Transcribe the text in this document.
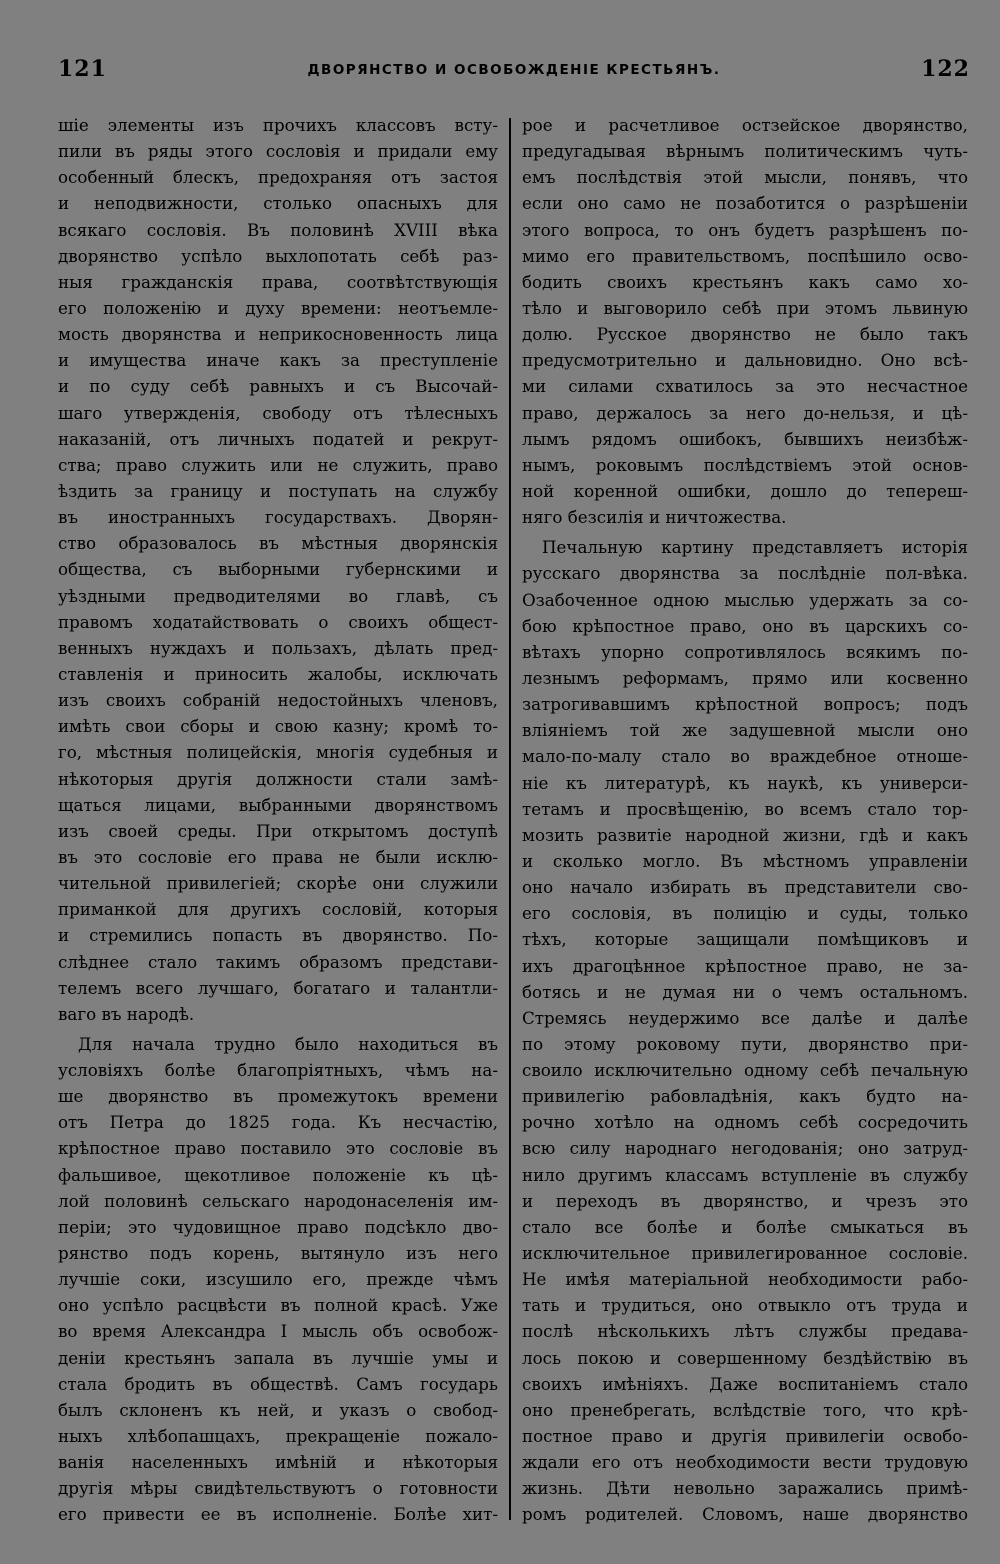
121	ДВОРЯНСТВО И ОСВОБОЖДЕНІЕ КРЕСТЬЯНЪ.	122
шіе элементы изъ прочихъ классовъ всту-
пили въ ряды этого сословія и придали ему
особенный блескъ, предохраняя отъ застоя
и неподвижности, столько опасныхъ для
всякаго сословія. Въ половинѣ XVIII вѣка
дворянство успѣло выхлопотать себѣ раз-
ныя гражданскія права, соотвѣтствующія
его положенію и духу времени: неотъемле-
мость дворянства и неприкосновенность лица
и имущества иначе какъ за преступленіе
и по суду себѣ равныхъ и съ Высочай-
шаго утвержденія, свободу отъ тѣлесныхъ
наказаній, отъ личныхъ податей и рекрут-
ства; право служить или не служить, право
ѣздить за границу и поступать на службу
въ иностранныхъ государствахъ. Дворян-
ство образовалось въ мѣстныя дворянскія
общества, съ выборными губернскими и
уѣздными предводителями во главѣ, съ
правомъ ходатайствовать о своихъ общест-
венныхъ нуждахъ и пользахъ, дѣлать пред-
ставленія и приносить жалобы, исключать
изъ своихъ собраній недостойныхъ членовъ,
имѣть свои сборы и свою казну; кромѣ то-
го, мѣстныя полицейскія, многія судебныя и
нѣкоторыя другія должности стали замѣ-
щаться лицами, выбранными дворянствомъ
изъ своей среды. При открытомъ доступѣ
въ это сословіе его права не были исклю-
чительной привилегіей; скорѣе они служили
приманкой для другихъ сословій, которыя
и стремились попасть въ дворянство. По-
слѣднее стало такимъ образомъ представи-
телемъ всего лучшаго, богатаго и талантли-
ваго въ народѣ.
Для начала трудно было находиться въ
условіяхъ болѣе благопріятныхъ, чѣмъ на-
ше дворянство въ промежутокъ времени
отъ Петра до 1825 года. Къ несчастію,
крѣпостное право поставило это сословіе въ
фальшивое, щекотливое положеніе къ цѣ-
лой половинѣ сельскаго народонаселенія им-
періи; это чудовищное право подсѣкло дво-
рянство подъ корень, вытянуло изъ него
лучшіе соки, изсушило его, прежде чѣмъ
оно успѣло расцвѣсти въ полной красѣ. Уже
во время Александра I мысль объ освобож-
деніи крестьянъ запала въ лучшіе умы и
стала бродить въ обществѣ. Самъ государь
былъ склоненъ къ ней, и указъ о свобод-
ныхъ хлѣбопашцахъ, прекращеніе пожало-
ванія населенныхъ имѣній и нѣкоторыя
другія мѣры свидѣтельствуютъ о готовности
его привести ее въ исполненіе. Болѣе хит-
рое и расчетливое остзейское дворянство,
предугадывая вѣрнымъ политическимъ чуть-
емъ послѣдствія этой мысли, понявъ, что
если оно само не позаботится о разрѣшеніи
этого вопроса, то онъ будетъ разрѣшенъ по-
мимо его правительствомъ, поспѣшило осво-
бодить своихъ крестьянъ какъ само хо-
тѣло и выговорило себѣ при этомъ львиную
долю. Русское дворянство не было такъ
предусмотрительно и дальновидно. Оно всѣ-
ми силами схватилось за это несчастное
право, держалось за него до-нельзя, и цѣ-
лымъ рядомъ ошибокъ, бывшихъ неизбѣж-
нымъ, роковымъ послѣдствіемъ этой основ-
ной коренной ошибки, дошло до теперeш-
няго безсилія и ничтожества.
Печальную картину представляетъ исторія
русскаго дворянства за послѣдніе пол-вѣка.
Озабоченное одною мыслью удержать за со-
бою крѣпостное право, оно въ царскихъ со-
вѣтахъ упорно сопротивлялось всякимъ по-
лезнымъ реформамъ, прямо или косвенно
затрогивавшимъ крѣпостной вопросъ; подъ
вліяніемъ той же задушевной мысли оно
мало-по-малу стало во враждебное отноше-
ніе къ литературѣ, къ наукѣ, къ универси-
тетамъ и просвѣщенію, во всемъ стало тор-
мозить развитіе народной жизни, гдѣ и какъ
и сколько могло. Въ мѣстномъ управленіи
оно начало избирать въ представители сво-
его сословія, въ полицію и суды, только
тѣхъ, которые защищали помѣщиковъ и
ихъ драгоцѣнное крѣпостное право, не за-
ботясь и не думая ни о чемъ остальномъ.
Стремясь неудержимо все далѣе и далѣе
по этому роковому пути, дворянство при-
своило исключительно одному себѣ печальную
привилегію рабовладѣнія, какъ будто на-
рочно хотѣло на одномъ себѣ сосредочить
всю силу народнаго негодованія; оно затруд-
нило другимъ классамъ вступленіе въ службу
и переходъ въ дворянство, и чрезъ это
стало все болѣе и болѣе смыкаться въ
исключительное привилегированное сословіе.
Не имѣя матеріальной необходимости рабо-
тать и трудиться, оно отвыкло отъ труда и
послѣ нѣсколькихъ лѣтъ службы предава-
лось покою и совершенному бездѣйствію въ
своихъ имѣніяхъ. Даже воспитаніемъ стало
оно пренебрегать, вслѣдствіе того, что крѣ-
постное право и другія привилегіи освобо-
ждали его отъ необходимости вести трудовую
жизнь. Дѣти невольно заражались примѣ-
ромъ родителей. Словомъ, наше дворянство
